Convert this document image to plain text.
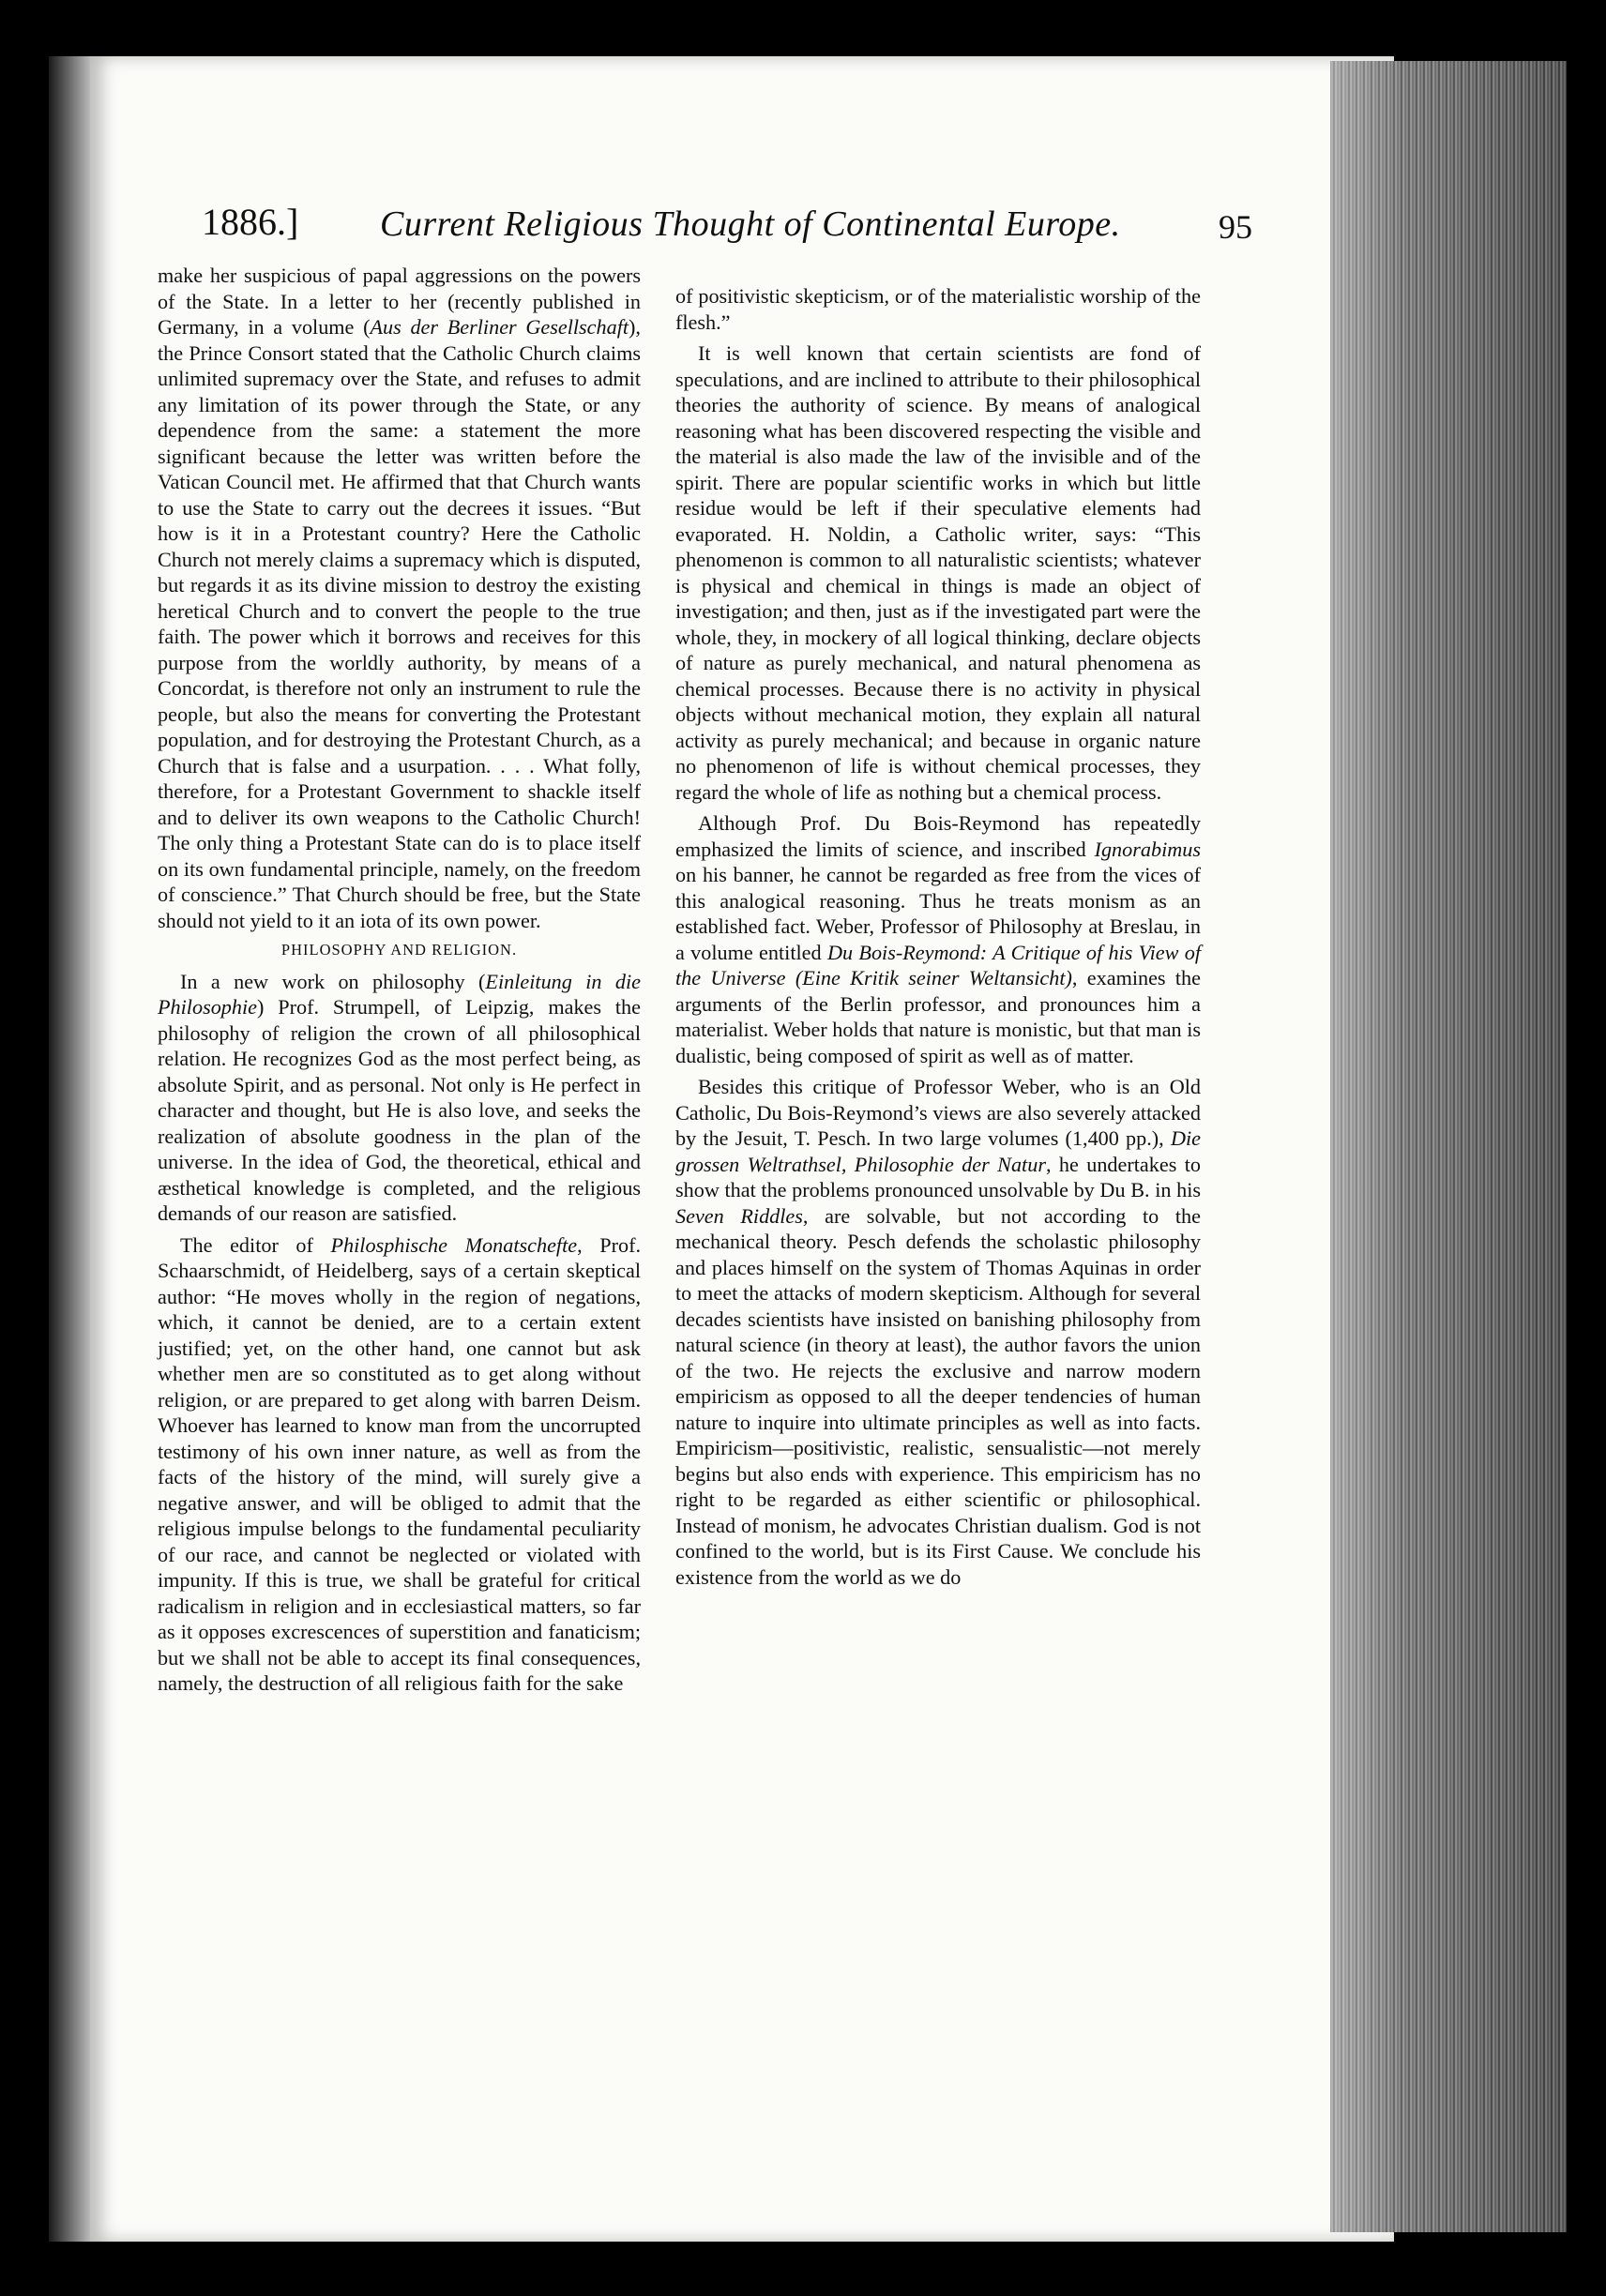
1886.] Current Religious Thought of Continental Europe.	95

make her suspicious of papal aggressions on the powers of the State. In a letter to her (recently published in Germany, in a volume (Aus der Berliner Gesellschaft), the Prince Consort stated that the Catholic Church claims unlimited supremacy over the State, and refuses to admit any limitation of its power through the State, or any dependence from the same: a statement the more significant because the letter was written before the Vatican Council met. He affirmed that that Church wants to use the State to carry out the decrees it issues. “But how is it in a Protestant country? Here the Catholic Church not merely claims a supremacy which is disputed, but regards it as its divine mission to destroy the existing heretical Church and to convert the people to the true faith. The power which it borrows and receives for this purpose from the worldly authority, by means of a Concordat, is therefore not only an instrument to rule the people, but also the means for converting the Protestant population, and for destroying the Protestant Church, as a Church that is false and a usurpation. . . . What folly, therefore, for a Protestant Government to shackle itself and to deliver its own weapons to the Catholic Church! The only thing a Protestant State can do is to place itself on its own fundamental principle, namely, on the freedom of conscience.” That Church should be free, but the State should not yield to it an iota of its own power.

PHILOSOPHY AND RELIGION.

In a new work on philosophy (Einleitung in die Philosophie) Prof. Strumpell, of Leipzig, makes the philosophy of religion the crown of all philosophical relation. He recognizes God as the most perfect being, as absolute Spirit, and as personal. Not only is He perfect in character and thought, but He is also love, and seeks the realization of absolute goodness in the plan of the universe. In the idea of God, the theoretical, ethical and æsthetical knowledge is completed, and the religious demands of our reason are satisfied.

The editor of Philosphische Monatschefte, Prof. Schaarschmidt, of Heidelberg, says of a certain skeptical author: “He moves wholly in the region of negations, which, it cannot be denied, are to a certain extent justified; yet, on the other hand, one cannot but ask whether men are so constituted as to get along without religion, or are prepared to get along with barren Deism. Whoever has learned to know man from the uncorrupted testimony of his own inner nature, as well as from the facts of the history of the mind, will surely give a negative answer, and will be obliged to admit that the religious impulse belongs to the fundamental peculiarity of our race, and cannot be neglected or violated with impunity. If this is true, we shall be grateful for critical radicalism in religion and in ecclesiastical matters, so far as it opposes excrescences of superstition and fanaticism; but we shall not be able to accept its final consequences, namely, the destruction of all religious faith for the sake

of positivistic skepticism, or of the materialistic worship of the flesh.”

It is well known that certain scientists are fond of speculations, and are inclined to attribute to their philosophical theories the authority of science. By means of analogical reasoning what has been discovered respecting the visible and the material is also made the law of the invisible and of the spirit. There are popular scientific works in which but little residue would be left if their speculative elements had evaporated. H. Noldin, a Catholic writer, says: “This phenomenon is common to all naturalistic scientists; whatever is physical and chemical in things is made an object of investigation; and then, just as if the investigated part were the whole, they, in mockery of all logical thinking, declare objects of nature as purely mechanical, and natural phenomena as chemical processes. Because there is no activity in physical objects without mechanical motion, they explain all natural activity as purely mechanical; and because in organic nature no phenomenon of life is without chemical processes, they regard the whole of life as nothing but a chemical process.

Although Prof. Du Bois-Reymond has repeatedly emphasized the limits of science, and inscribed Ignorabimus on his banner, he cannot be regarded as free from the vices of this analogical reasoning. Thus he treats monism as an established fact. Weber, Professor of Philosophy at Breslau, in a volume entitled Du Bois-Reymond: A Critique of his View of the Universe (Eine Kritik seiner Weltansicht), examines the arguments of the Berlin professor, and pronounces him a materialist. Weber holds that nature is monistic, but that man is dualistic, being composed of spirit as well as of matter.

Besides this critique of Professor Weber, who is an Old Catholic, Du Bois-Reymond’s views are also severely attacked by the Jesuit, T. Pesch. In two large volumes (1,400 pp.), Die grossen Weltrathsel, Philosophie der Natur, he undertakes to show that the problems pronounced unsolvable by Du B. in his Seven Riddles, are solvable, but not according to the mechanical theory. Pesch defends the scholastic philosophy and places himself on the system of Thomas Aquinas in order to meet the attacks of modern skepticism. Although for several decades scientists have insisted on banishing philosophy from natural science (in theory at least), the author favors the union of the two. He rejects the exclusive and narrow modern empiricism as opposed to all the deeper tendencies of human nature to inquire into ultimate principles as well as into facts. Empiricism—positivistic, realistic, sensualistic—not merely begins but also ends with experience. This empiricism has no right to be regarded as either scientific or philosophical. Instead of monism, he advocates Christian dualism. God is not confined to the world, but is its First Cause. We conclude his existence from the world as we do
